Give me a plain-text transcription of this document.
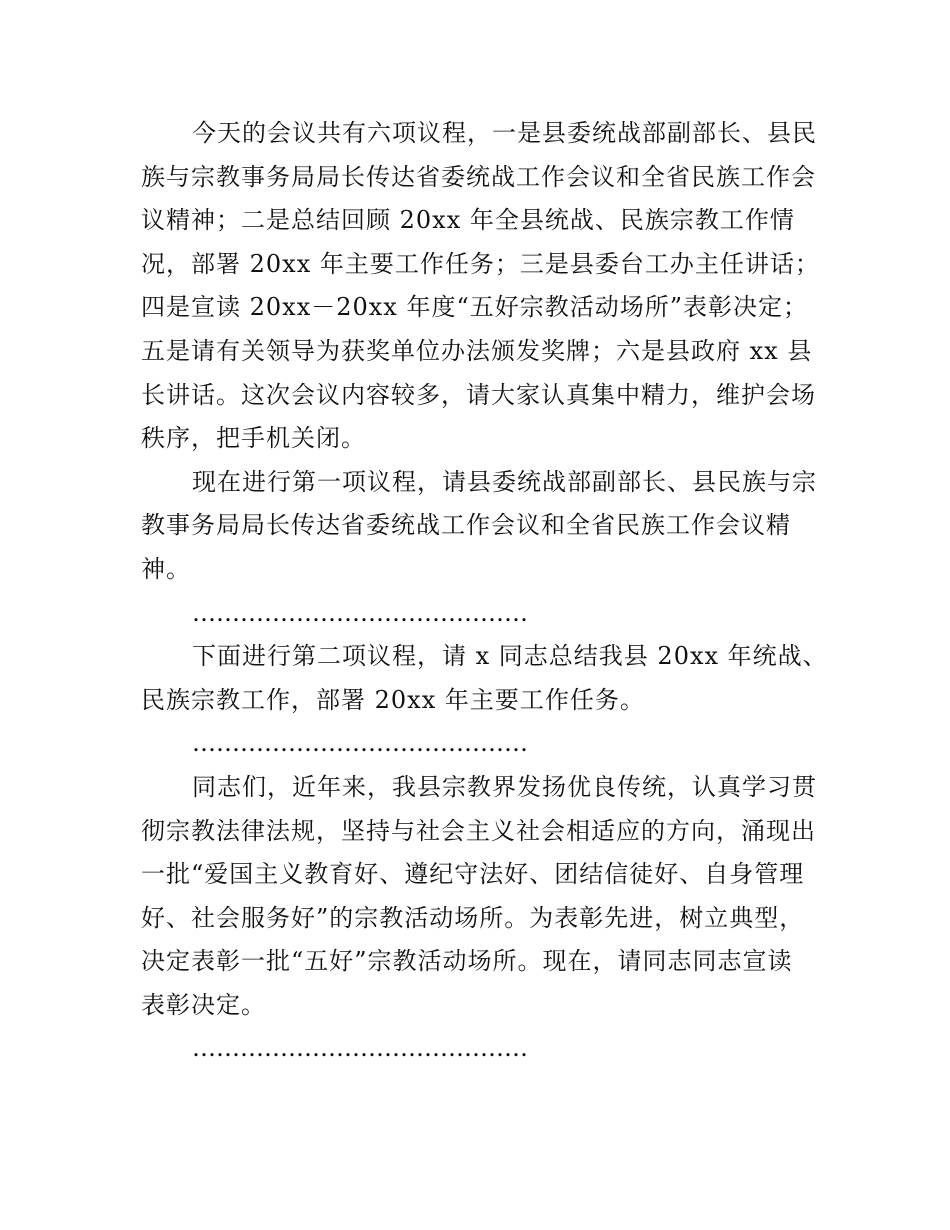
今天的会议共有六项议程，一是县委统战部副部长、县民
族与宗教事务局局长传达省委统战工作会议和全省民族工作会
议精神；二是总结回顾 20xx 年全县统战、民族宗教工作情
况，部署 20xx 年主要工作任务；三是县委台工办主任讲话；
四是宣读 20xx－20xx 年度“五好宗教活动场所”表彰决定；
五是请有关领导为获奖单位办法颁发奖牌；六是县政府 xx 县
长讲话。这次会议内容较多，请大家认真集中精力，维护会场
秩序，把手机关闭。
现在进行第一项议程，请县委统战部副部长、县民族与宗
教事务局局长传达省委统战工作会议和全省民族工作会议精
神。
……………………………………
下面进行第二项议程，请 x 同志总结我县 20xx 年统战、
民族宗教工作，部署 20xx 年主要工作任务。
……………………………………
同志们，近年来，我县宗教界发扬优良传统，认真学习贯
彻宗教法律法规，坚持与社会主义社会相适应的方向，涌现出
一批“爱国主义教育好、遵纪守法好、团结信徒好、自身管理
好、社会服务好”的宗教活动场所。为表彰先进，树立典型，
决定表彰一批“五好”宗教活动场所。现在，请同志同志宣读
表彰决定。
……………………………………
